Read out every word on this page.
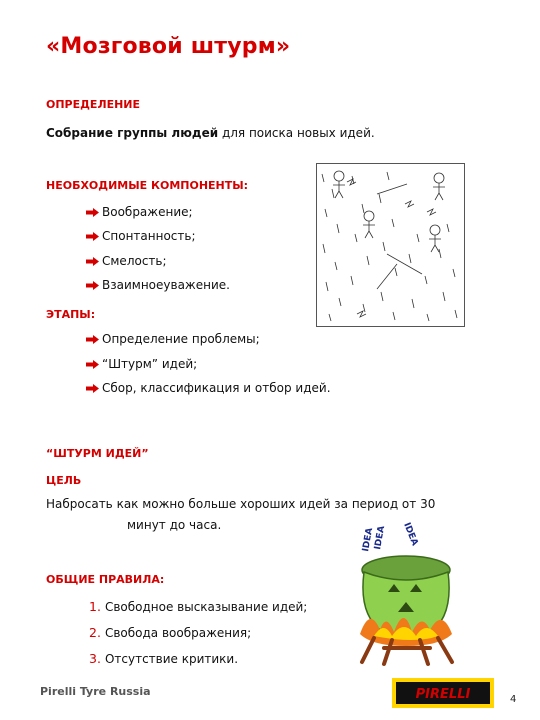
«Мозговой штурм»
ОПРЕДЕЛЕНИЕ
Собрание группы людей для поиска новых идей.
НЕОБХОДИМЫЕ КОМПОНЕНТЫ:
Воображение;
Спонтанность;
Смелость;
Взаимноеуважение.
ЭТАПЫ:
Определение проблемы;
“Штурм” идей;
Сбор, классификация и отбор идей.
“ШТУРМ ИДЕЙ”
ЦЕЛЬ
Набросать как можно больше хороших идей за период от 30
минут до часа.
ОБЩИЕ ПРАВИЛА:
1. Свободное высказывание идей;
2. Свобода воображения;
3. Отсутствие критики.
IDEA
IDEA IDEA
Pirelli Tyre Russia	PIRELLI	4
